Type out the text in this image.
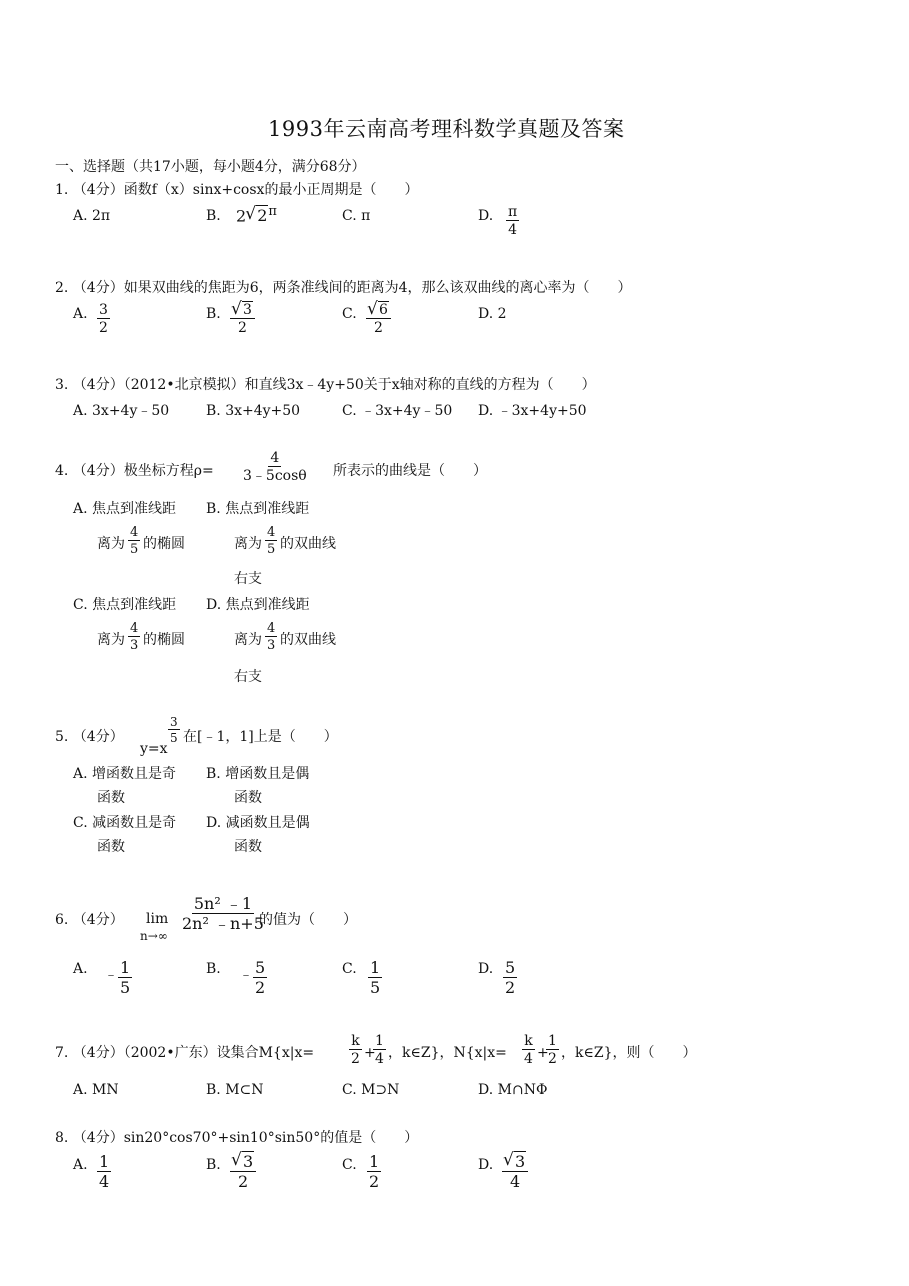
1993年云南高考理科数学真题及答案
一、选择题（共17小题，每小题4分，满分68分）
1. （4分）函数f（x）sinx+cosx的最小正周期是（　　）
A. 2π	B. 2 √ $2^\pi$	C. π	D. $\frac{\pi}{4}$
2. （4分）如果双曲线的焦距为6，两条准线间的距离为4，那么该双曲线的离心率为（　　）
A. $\frac{3}{2}$	B. √ $\frac{3}{2}$	C. √ $\frac{6}{2}$	D. 2
3. （4分）（2012•北京模拟）和直线3x﹣4y+50关于x轴对称的直线的方程为（　　）
A. 3x+4y﹣50	B. 3x+4y+50	C. ﹣3x+4y﹣50 D. ﹣3x+4y+50
4. （4分）极坐标方程$\rho= \frac{4}{3﹣5\cos\theta}$ 所表示的曲线是（　　）
A. 焦点到准线距
离为 $\frac{4}{5}$ 的椭圆
B. 焦点到准线距
离为 $\frac{4}{5}$ 的双曲线
右支
C. 焦点到准线距
离为 $\frac{4}{3}$ 的椭圆
D. 焦点到准线距
离为 $\frac{4}{3}$ 的双曲线
右支
5. （4分）
y=x
$\frac{3}{5}$ 在[﹣1，1]上是（　　）
A. 增函数且是奇
函数
B. 增函数且是偶
函数
C. 减函数且是奇
函数
D. 减函数且是偶
函数
6. （4分） lim
n→∞
$\frac{\text{5n² ﹣1}}{\text{2n² ﹣n+5}}$
的值为（　　）
A. ﹣ $\frac{1}{5}$	B. ﹣ $\frac{5}{2}$	C. $\frac{1}{5}$	D. $\frac{5}{2}$
7. （4分）（2002•广东）设集合$M\{x|x= \frac{k}{2}$ +
$\frac{1}{4}$ ，k∈Z}，$N\{x|x= \frac{k}{4}$ +
$\frac{1}{2}$ ，k∈Z}，则（　　）
A. MN	B. M⊂N	C. M⊃N	D. M∩NΦ
8. （4分）sin20°cos70°+sin10°sin50°的值是（　　）
A. $\frac{1}{4}$	B. √ $\frac{3}{2}$	C. $\frac{1}{2}$	D. √ $\frac{3}{4}$
